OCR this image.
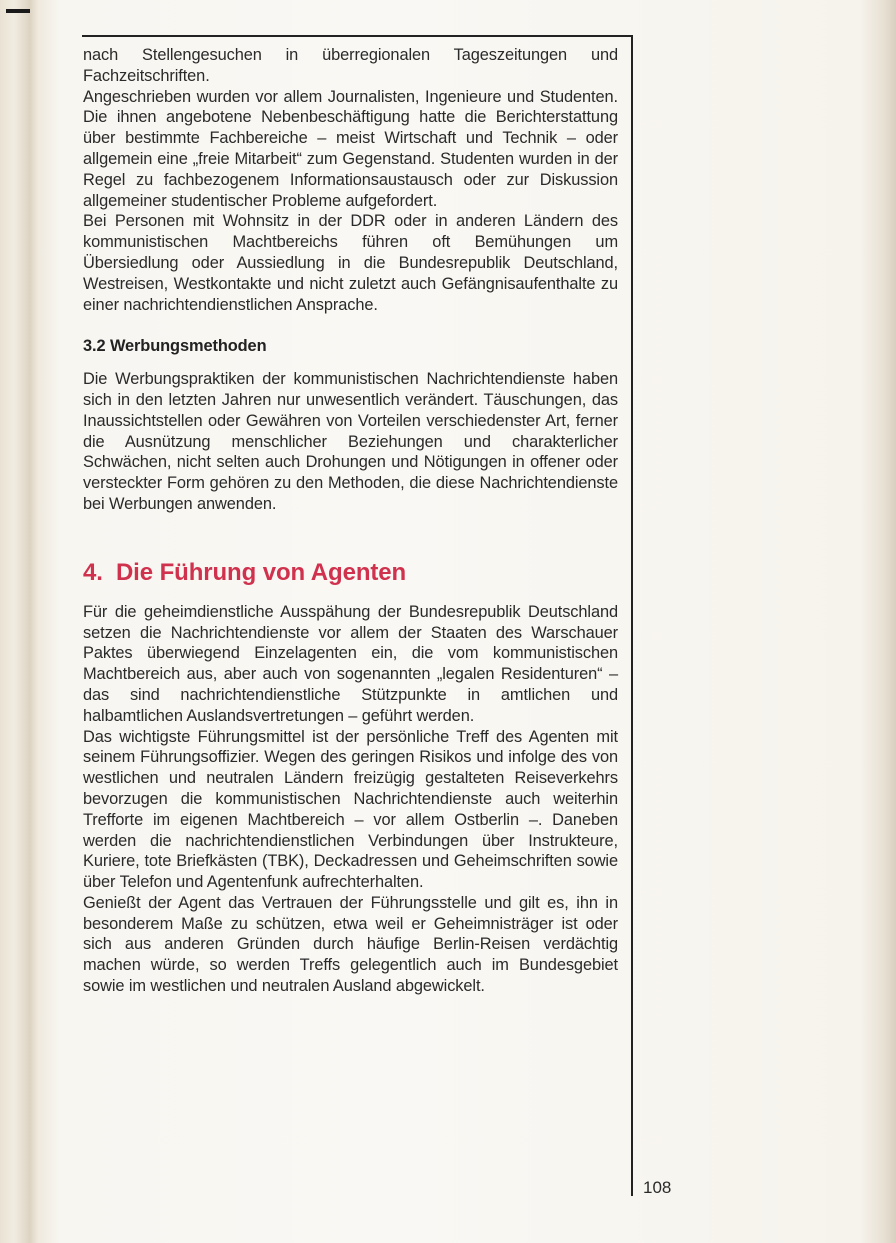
nach Stellengesuchen in überregionalen Tageszeitungen und Fachzeitschriften.

Angeschrieben wurden vor allem Journalisten, Ingenieure und Studenten. Die ihnen angebotene Nebenbeschäftigung hatte die Berichterstattung über bestimmte Fachbereiche – meist Wirtschaft und Technik – oder allgemein eine „freie Mitarbeit“ zum Gegenstand. Studenten wurden in der Regel zu fachbezogenem Informationsaustausch oder zur Diskussion allgemeiner studentischer Probleme aufgefordert.

Bei Personen mit Wohnsitz in der DDR oder in anderen Ländern des kommunistischen Machtbereichs führen oft Bemühungen um Übersiedlung oder Aussiedlung in die Bundesrepublik Deutschland, Westreisen, Westkontakte und nicht zuletzt auch Gefängnisaufenthalte zu einer nachrichtendienstlichen Ansprache.

3.2 Werbungsmethoden

Die Werbungspraktiken der kommunistischen Nachrichtendienste haben sich in den letzten Jahren nur unwesentlich verändert. Täuschungen, das Inaussichtstellen oder Gewähren von Vorteilen verschiedenster Art, ferner die Ausnützung menschlicher Beziehungen und charakterlicher Schwächen, nicht selten auch Drohungen und Nötigungen in offener oder versteckter Form gehören zu den Methoden, die diese Nachrichtendienste bei Werbungen anwenden.

4.  Die Führung von Agenten

Für die geheimdienstliche Ausspähung der Bundesrepublik Deutschland setzen die Nachrichtendienste vor allem der Staaten des Warschauer Paktes überwiegend Einzelagenten ein, die vom kommunistischen Machtbereich aus, aber auch von sogenannten „legalen Residenturen“ – das sind nachrichtendienstliche Stützpunkte in amtlichen und halbamtlichen Auslandsvertretungen – geführt werden.

Das wichtigste Führungsmittel ist der persönliche Treff des Agenten mit seinem Führungsoffizier. Wegen des geringen Risikos und infolge des von westlichen und neutralen Ländern freizügig gestalteten Reiseverkehrs bevorzugen die kommunistischen Nachrichtendienste auch weiterhin Trefforte im eigenen Machtbereich – vor allem Ostberlin –. Daneben werden die nachrichtendienstlichen Verbindungen über Instrukteure, Kuriere, tote Briefkästen (TBK), Deckadressen und Geheimschriften sowie über Telefon und Agentenfunk aufrechterhalten.

Genießt der Agent das Vertrauen der Führungsstelle und gilt es, ihn in besonderem Maße zu schützen, etwa weil er Geheimnisträger ist oder sich aus anderen Gründen durch häufige Berlin-Reisen verdächtig machen würde, so werden Treffs gelegentlich auch im Bundesgebiet sowie im westlichen und neutralen Ausland abgewickelt.

108
